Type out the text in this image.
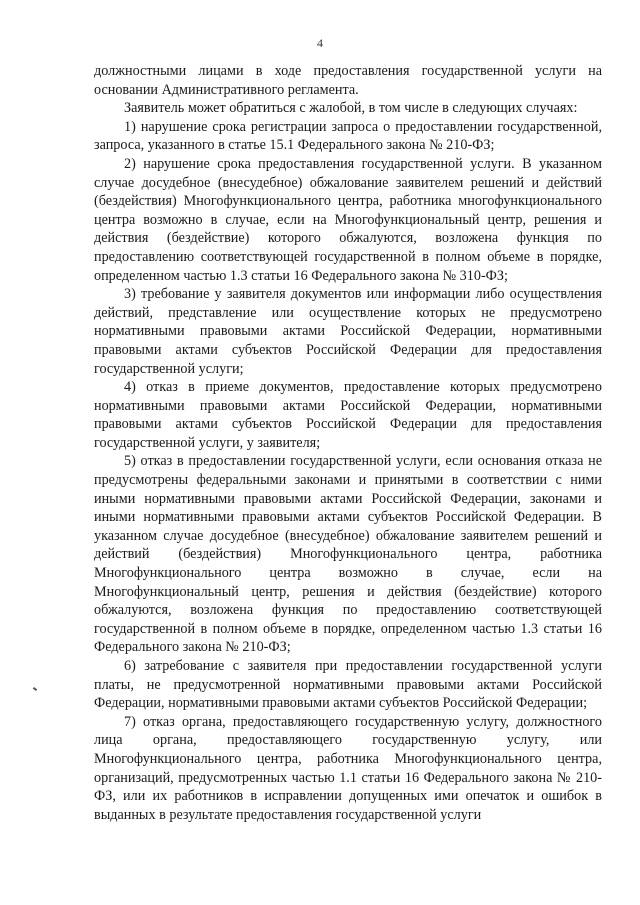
4

должностными лицами в ходе предоставления государственной услуги на основании Административного регламента.

Заявитель может обратиться с жалобой, в том числе в следующих случаях:

1) нарушение срока регистрации запроса о предоставлении государственной, запроса, указанного в статье 15.1 Федерального закона № 210-ФЗ;

2) нарушение срока предоставления государственной услуги. В указанном случае досудебное (внесудебное) обжалование заявителем решений и действий (бездействия) Многофункционального центра, работника многофункционального центра возможно в случае, если на Многофункциональный центр, решения и действия (бездействие) которого обжалуются, возложена функция по предоставлению соответствующей государственной в полном объеме в порядке, определенном частью 1.3 статьи 16 Федерального закона № 310-ФЗ;

3) требование у заявителя документов или информации либо осуществления действий, представление или осуществление которых не предусмотрено нормативными правовыми актами Российской Федерации, нормативными правовыми актами субъектов Российской Федерации для предоставления государственной услуги;

4) отказ в приеме документов, предоставление которых предусмотрено нормативными правовыми актами Российской Федерации, нормативными правовыми актами субъектов Российской Федерации для предоставления государственной услуги, у заявителя;

5) отказ в предоставлении государственной услуги, если основания отказа не предусмотрены федеральными законами и принятыми в соответствии с ними иными нормативными правовыми актами Российской Федерации, законами и иными нормативными правовыми актами субъектов Российской Федерации. В указанном случае досудебное (внесудебное) обжалование заявителем решений и действий (бездействия) Многофункционального центра, работника Многофункционального центра возможно в случае, если на Многофункциональный центр, решения и действия (бездействие) которого обжалуются, возложена функция по предоставлению соответствующей государственной в полном объеме в порядке, определенном частью 1.3 статьи 16 Федерального закона № 210-ФЗ;

6) затребование с заявителя при предоставлении государственной услуги платы, не предусмотренной нормативными правовыми актами Российской Федерации, нормативными правовыми актами субъектов Российской Федерации;

7) отказ органа, предоставляющего государственную услугу, должностного лица органа, предоставляющего государственную услугу, или Многофункционального центра, работника Многофункционального центра, организаций, предусмотренных частью 1.1 статьи 16 Федерального закона № 210-ФЗ, или их работников в исправлении допущенных ими опечаток и ошибок в выданных в результате предоставления государственной услуги
